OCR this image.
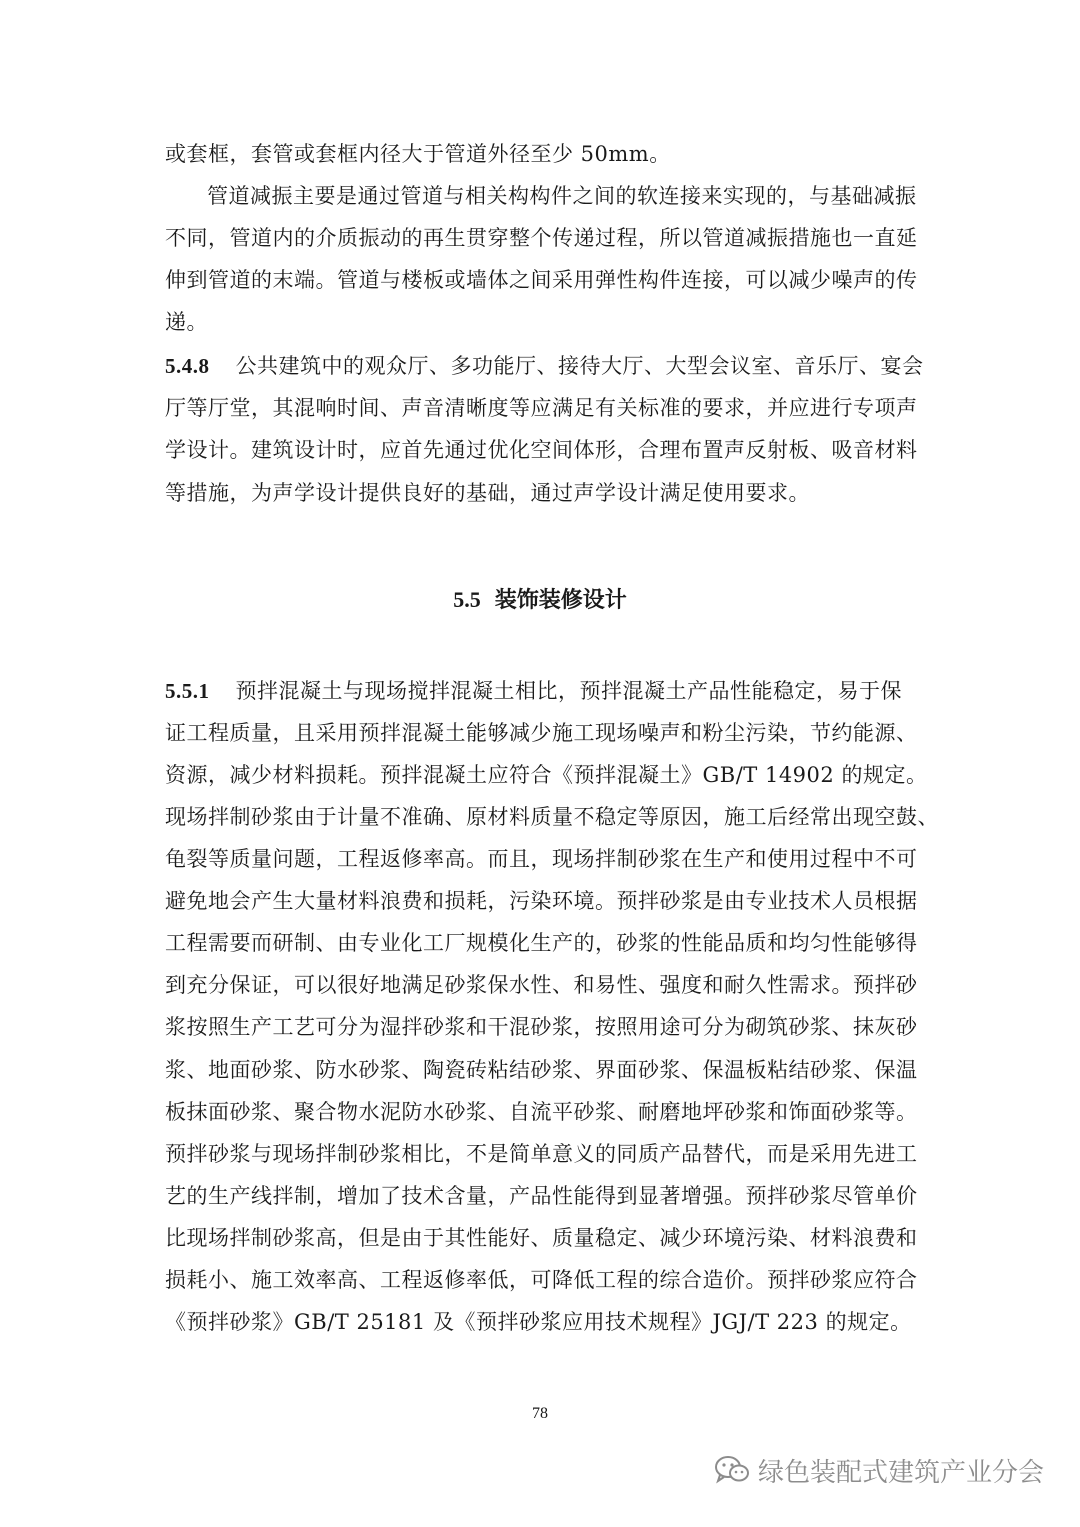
或套框，套管或套框内径大于管道外径至少 50mm。
管道减振主要是通过管道与相关构构件之间的软连接来实现的，与基础减振
不同，管道内的介质振动的再生贯穿整个传递过程，所以管道减振措施也一直延
伸到管道的末端。管道与楼板或墙体之间采用弹性构件连接，可以减少噪声的传
递。
5.4.8 公共建筑中的观众厅、多功能厅、接待大厅、大型会议室、音乐厅、宴会
厅等厅堂，其混响时间、声音清晰度等应满足有关标准的要求，并应进行专项声
学设计。建筑设计时，应首先通过优化空间体形，合理布置声反射板、吸音材料
等措施，为声学设计提供良好的基础，通过声学设计满足使用要求。
5.5 装饰装修设计
5.5.1 预拌混凝土与现场搅拌混凝土相比，预拌混凝土产品性能稳定，易于保
证工程质量，且采用预拌混凝土能够减少施工现场噪声和粉尘污染，节约能源、
资源，减少材料损耗。预拌混凝土应符合《预拌混凝土》GB/T 14902 的规定。
现场拌制砂浆由于计量不准确、原材料质量不稳定等原因，施工后经常出现空鼓、
龟裂等质量问题，工程返修率高。而且，现场拌制砂浆在生产和使用过程中不可
避免地会产生大量材料浪费和损耗，污染环境。预拌砂浆是由专业技术人员根据
工程需要而研制、由专业化工厂规模化生产的，砂浆的性能品质和均匀性能够得
到充分保证，可以很好地满足砂浆保水性、和易性、强度和耐久性需求。预拌砂
浆按照生产工艺可分为湿拌砂浆和干混砂浆，按照用途可分为砌筑砂浆、抹灰砂
浆、地面砂浆、防水砂浆、陶瓷砖粘结砂浆、界面砂浆、保温板粘结砂浆、保温
板抹面砂浆、聚合物水泥防水砂浆、自流平砂浆、耐磨地坪砂浆和饰面砂浆等。
预拌砂浆与现场拌制砂浆相比，不是简单意义的同质产品替代，而是采用先进工
艺的生产线拌制，增加了技术含量，产品性能得到显著增强。预拌砂浆尽管单价
比现场拌制砂浆高，但是由于其性能好、质量稳定、减少环境污染、材料浪费和
损耗小、施工效率高、工程返修率低，可降低工程的综合造价。预拌砂浆应符合
《预拌砂浆》GB/T 25181 及《预拌砂浆应用技术规程》JGJ/T 223 的规定。
78
绿色装配式建筑产业分会
